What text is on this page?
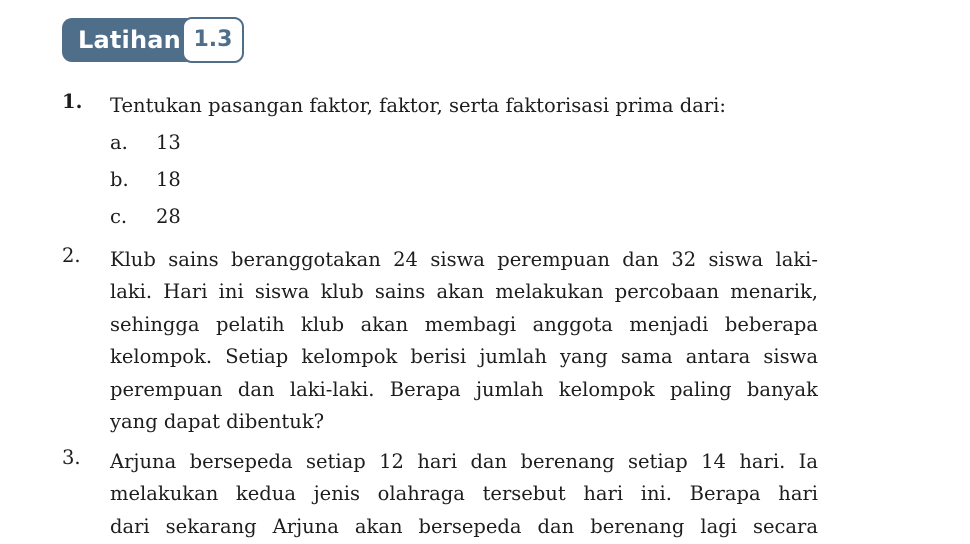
Latihan 1.3
1. Tentukan pasangan faktor, faktor, serta faktorisasi prima dari:
a. 13
b. 18
c. 28
2. Klub sains beranggotakan 24 siswa perempuan dan 32 siswa laki-
laki. Hari ini siswa klub sains akan melakukan percobaan menarik,
sehingga pelatih klub akan membagi anggota menjadi beberapa
kelompok. Setiap kelompok berisi jumlah yang sama antara siswa
perempuan dan laki-laki. Berapa jumlah kelompok paling banyak
yang dapat dibentuk?
3. Arjuna bersepeda setiap 12 hari dan berenang setiap 14 hari. Ia
melakukan kedua jenis olahraga tersebut hari ini. Berapa hari
dari sekarang Arjuna akan bersepeda dan berenang lagi secara
